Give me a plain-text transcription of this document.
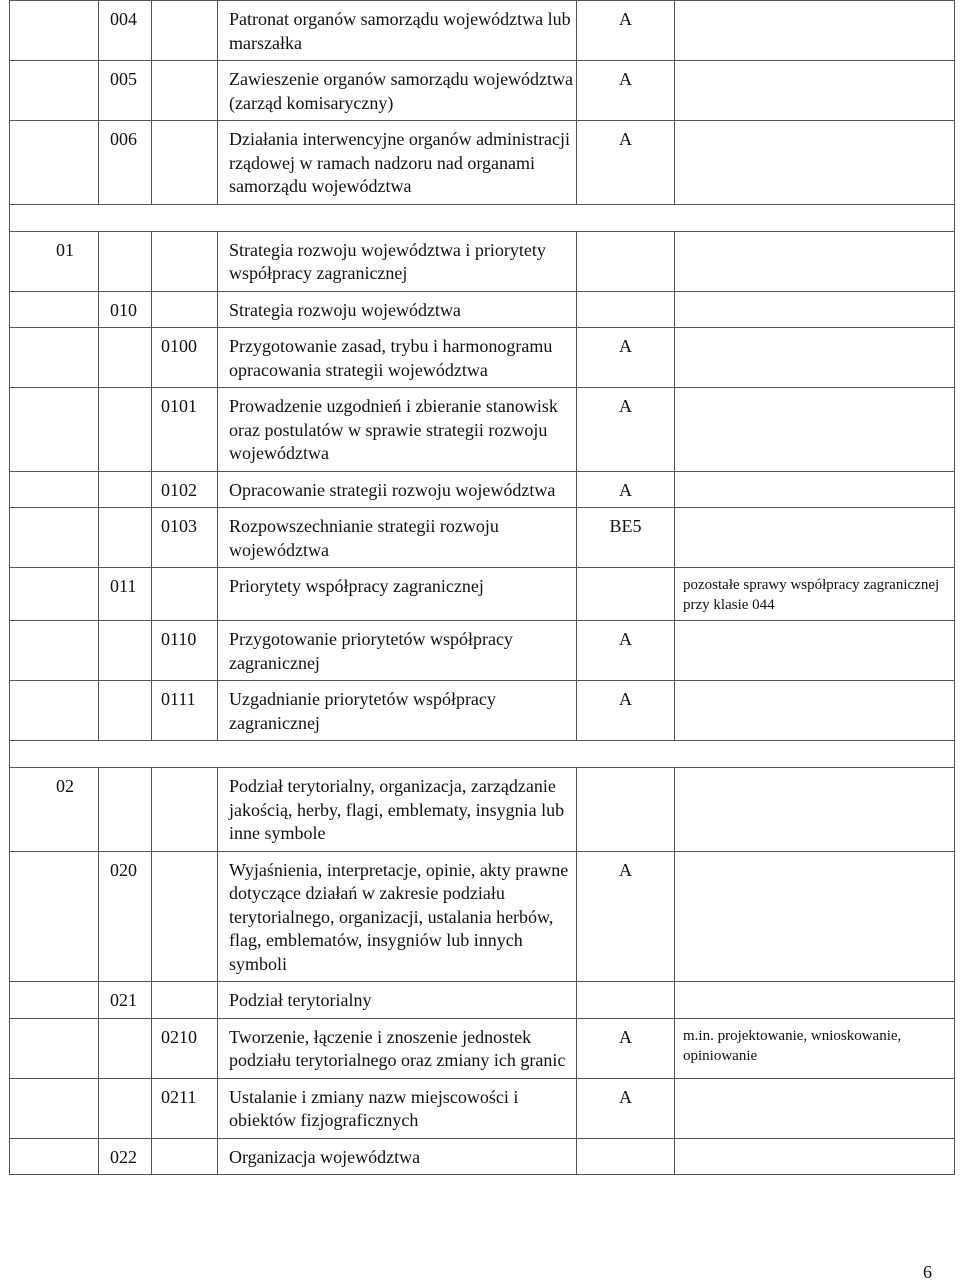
	004		Patronat organów samorządu województwa lub marszałka	A	
	005		Zawieszenie organów samorządu województwa (zarząd komisaryczny)	A	
	006		Działania interwencyjne organów administracji rządowej w ramach nadzoru nad organami samorządu województwa	A	

01			Strategia rozwoju województwa i priorytety współpracy zagranicznej		
	010		Strategia rozwoju województwa		
		0100	Przygotowanie zasad, trybu i harmonogramu opracowania strategii województwa	A	
		0101	Prowadzenie uzgodnień i zbieranie stanowisk oraz postulatów w sprawie strategii rozwoju województwa	A	
		0102	Opracowanie strategii rozwoju województwa	A	
		0103	Rozpowszechnianie strategii rozwoju województwa	BE5	
	011		Priorytety współpracy zagranicznej		pozostałe sprawy współpracy zagranicznej przy klasie 044
		0110	Przygotowanie priorytetów współpracy zagranicznej	A	
		0111	Uzgadnianie priorytetów współpracy zagranicznej	A	

02			Podział terytorialny, organizacja, zarządzanie jakością, herby, flagi, emblematy, insygnia lub inne symbole		
	020		Wyjaśnienia, interpretacje, opinie, akty prawne dotyczące działań w zakresie podziału terytorialnego, organizacji, ustalania herbów, flag, emblematów, insygniów lub innych symboli	A	
	021		Podział terytorialny		
		0210	Tworzenie, łączenie i znoszenie jednostek podziału terytorialnego oraz zmiany ich granic	A	m.in. projektowanie, wnioskowanie, opiniowanie
		0211	Ustalanie i zmiany nazw miejscowości i obiektów fizjograficznych	A	
	022		Organizacja województwa		
6
